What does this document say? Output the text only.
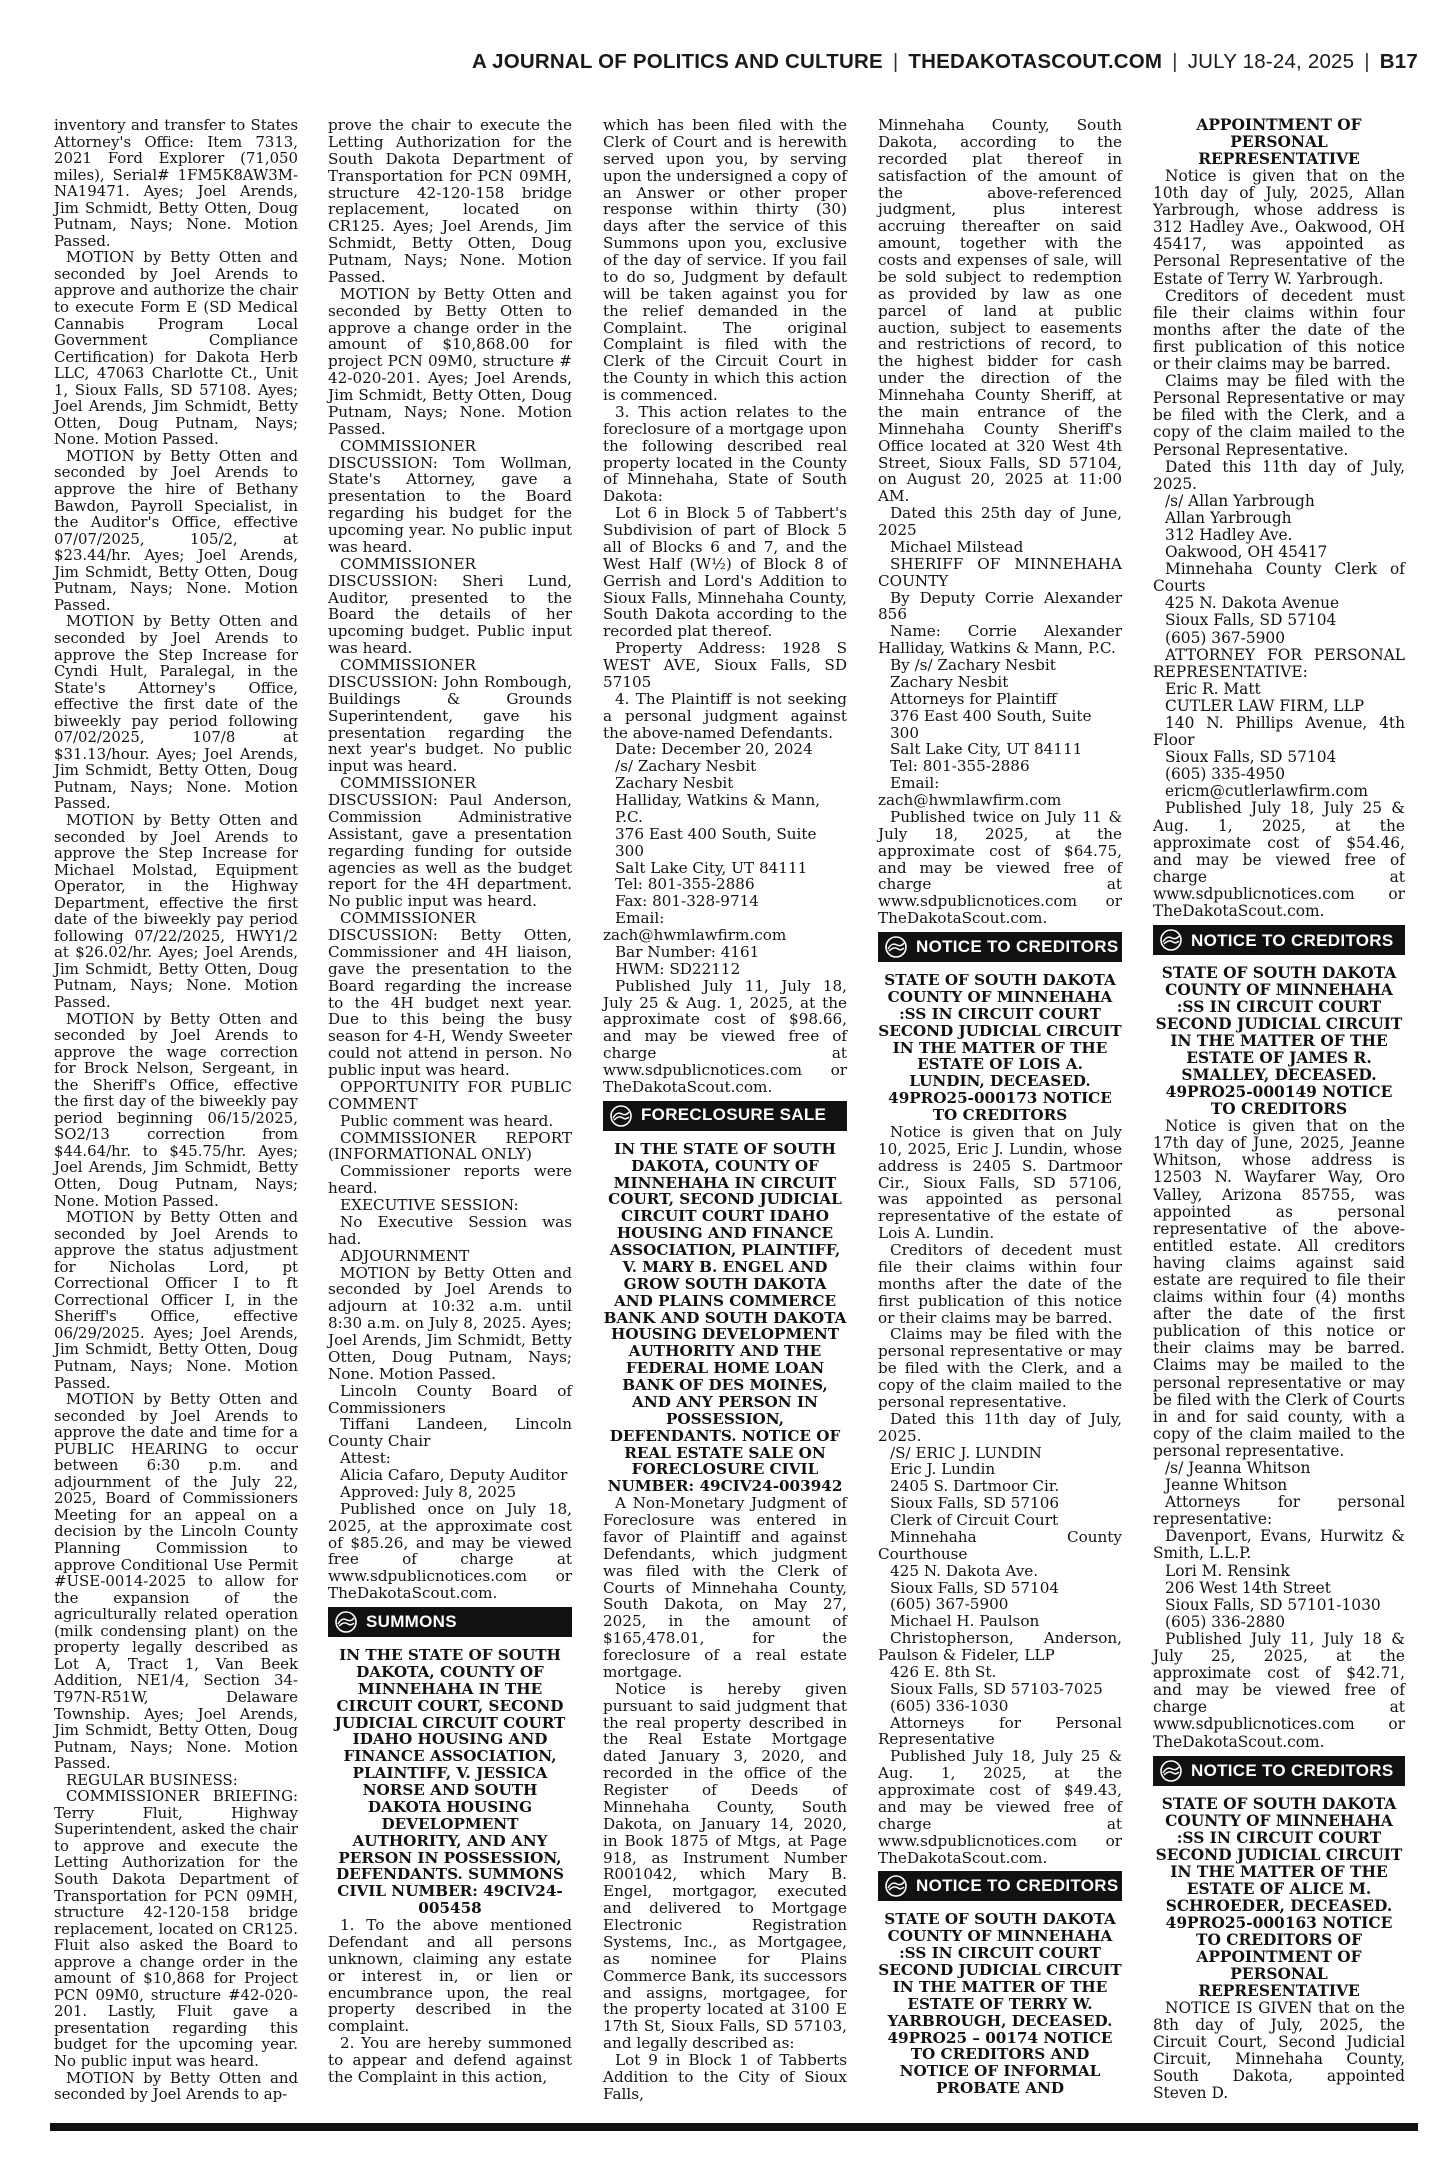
A JOURNAL OF POLITICS AND CULTURE | THEDAKOTASCOUT.COM | JULY 18-24, 2025 | B17

inventory and transfer to States Attorney's Office: Item 7313, 2021 Ford Explorer (71,050 miles), Serial# 1FM5K8AW3M-NA19471. Ayes; Joel Arends, Jim Schmidt, Betty Otten, Doug Putnam, Nays; None. Motion Passed.

MOTION by Betty Otten and seconded by Joel Arends to approve and authorize the chair to execute Form E (SD Medical Cannabis Program Local Government Compliance Certification) for Dakota Herb LLC, 47063 Charlotte Ct., Unit 1, Sioux Falls, SD 57108. Ayes; Joel Arends, Jim Schmidt, Betty Otten, Doug Putnam, Nays; None. Motion Passed.

MOTION by Betty Otten and seconded by Joel Arends to approve the hire of Bethany Bawdon, Payroll Specialist, in the Auditor's Office, effective 07/07/2025, 105/2, at $23.44/hr. Ayes; Joel Arends, Jim Schmidt, Betty Otten, Doug Putnam, Nays; None. Motion Passed.

MOTION by Betty Otten and seconded by Joel Arends to approve the Step Increase for Cyndi Hult, Paralegal, in the State's Attorney's Office, effective the first date of the biweekly pay period following 07/02/2025, 107/8 at $31.13/hour. Ayes; Joel Arends, Jim Schmidt, Betty Otten, Doug Putnam, Nays; None. Motion Passed.

MOTION by Betty Otten and seconded by Joel Arends to approve the Step Increase for Michael Molstad, Equipment Operator, in the Highway Department, effective the first date of the biweekly pay period following 07/22/2025, HWY1/2 at $26.02/hr. Ayes; Joel Arends, Jim Schmidt, Betty Otten, Doug Putnam, Nays; None. Motion Passed.

MOTION by Betty Otten and seconded by Joel Arends to approve the wage correction for Brock Nelson, Sergeant, in the Sheriff's Office, effective the first day of the biweekly pay period beginning 06/15/2025, SO2/13 correction from $44.64/hr. to $45.75/hr. Ayes; Joel Arends, Jim Schmidt, Betty Otten, Doug Putnam, Nays; None. Motion Passed.

MOTION by Betty Otten and seconded by Joel Arends to approve the status adjustment for Nicholas Lord, pt Correctional Officer I to ft Correctional Officer I, in the Sheriff's Office, effective 06/29/2025. Ayes; Joel Arends, Jim Schmidt, Betty Otten, Doug Putnam, Nays; None. Motion Passed.

MOTION by Betty Otten and seconded by Joel Arends to approve the date and time for a PUBLIC HEARING to occur between 6:30 p.m. and adjournment of the July 22, 2025, Board of Commissioners Meeting for an appeal on a decision by the Lincoln County Planning Commission to approve Conditional Use Permit #USE-0014-2025 to allow for the expansion of the agriculturally related operation (milk condensing plant) on the property legally described as Lot A, Tract 1, Van Beek Addition, NE1/4, Section 34-T97N-R51W, Delaware Township. Ayes; Joel Arends, Jim Schmidt, Betty Otten, Doug Putnam, Nays; None. Motion Passed.

REGULAR BUSINESS:

COMMISSIONER BRIEFING: Terry Fluit, Highway Superintendent, asked the chair to approve and execute the Letting Authorization for the South Dakota Department of Transportation for PCN 09MH, structure 42-120-158 bridge replacement, located on CR125. Fluit also asked the Board to approve a change order in the amount of $10,868 for Project PCN 09M0, structure #42-020-201. Lastly, Fluit gave a presentation regarding this budget for the upcoming year. No public input was heard.

MOTION by Betty Otten and seconded by Joel Arends to ap-

prove the chair to execute the Letting Authorization for the South Dakota Department of Transportation for PCN 09MH, structure 42-120-158 bridge replacement, located on CR125. Ayes; Joel Arends, Jim Schmidt, Betty Otten, Doug Putnam, Nays; None. Motion Passed.

MOTION by Betty Otten and seconded by Betty Otten to approve a change order in the amount of $10,868.00 for project PCN 09M0, structure # 42-020-201. Ayes; Joel Arends, Jim Schmidt, Betty Otten, Doug Putnam, Nays; None. Motion Passed.

COMMISSIONER DISCUSSION: Tom Wollman, State's Attorney, gave a presentation to the Board regarding his budget for the upcoming year. No public input was heard.

COMMISSIONER DISCUSSION: Sheri Lund, Auditor, presented to the Board the details of her upcoming budget. Public input was heard.

COMMISSIONER DISCUSSION: John Rombough, Buildings & Grounds Superintendent, gave his presentation regarding the next year's budget. No public input was heard.

COMMISSIONER DISCUSSION: Paul Anderson, Commission Administrative Assistant, gave a presentation regarding funding for outside agencies as well as the budget report for the 4H department. No public input was heard.

COMMISSIONER DISCUSSION: Betty Otten, Commissioner and 4H liaison, gave the presentation to the Board regarding the increase to the 4H budget next year. Due to this being the busy season for 4-H, Wendy Sweeter could not attend in person. No public input was heard.

OPPORTUNITY FOR PUBLIC COMMENT

Public comment was heard.

COMMISSIONER REPORT (INFORMATIONAL ONLY)

Commissioner reports were heard.

EXECUTIVE SESSION:

No Executive Session was had.

ADJOURNMENT

MOTION by Betty Otten and seconded by Joel Arends to adjourn at 10:32 a.m. until 8:30 a.m. on July 8, 2025. Ayes; Joel Arends, Jim Schmidt, Betty Otten, Doug Putnam, Nays; None. Motion Passed.

Lincoln County Board of Commissioners

Tiffani Landeen, Lincoln County Chair

Attest:

Alicia Cafaro, Deputy Auditor

Approved: July 8, 2025

Published once on July 18, 2025, at the approximate cost of $85.26, and may be viewed free of charge at www.sdpublicnotices.com or TheDakotaScout.com.

SUMMONS

IN THE STATE OF SOUTH DAKOTA, COUNTY OF MINNEHAHA IN THE CIRCUIT COURT, SECOND JUDICIAL CIRCUIT COURT IDAHO HOUSING AND FINANCE ASSOCIATION, PLAINTIFF, V. JESSICA NORSE AND SOUTH DAKOTA HOUSING DEVELOPMENT AUTHORITY, AND ANY PERSON IN POSSESSION, DEFENDANTS. SUMMONS CIVIL NUMBER: 49CIV24-005458

1. To the above mentioned Defendant and all persons unknown, claiming any estate or interest in, or lien or encumbrance upon, the real property described in the complaint.

2. You are hereby summoned to appear and defend against the Complaint in this action,

which has been filed with the Clerk of Court and is herewith served upon you, by serving upon the undersigned a copy of an Answer or other proper response within thirty (30) days after the service of this Summons upon you, exclusive of the day of service. If you fail to do so, Judgment by default will be taken against you for the relief demanded in the Complaint. The original Complaint is filed with the Clerk of the Circuit Court in the County in which this action is commenced.

3. This action relates to the foreclosure of a mortgage upon the following described real property located in the County of Minnehaha, State of South Dakota:

Lot 6 in Block 5 of Tabbert's Subdivision of part of Block 5 all of Blocks 6 and 7, and the West Half (W½) of Block 8 of Gerrish and Lord's Addition to Sioux Falls, Minnehaha County, South Dakota according to the recorded plat thereof.

Property Address: 1928 S WEST AVE, Sioux Falls, SD 57105

4. The Plaintiff is not seeking a personal judgment against the above-named Defendants.

Date: December 20, 2024

/s/ Zachary Nesbit

Zachary Nesbit

Halliday, Watkins & Mann, P.C.

376 East 400 South, Suite 300

Salt Lake City, UT 84111

Tel: 801-355-2886

Fax: 801-328-9714

Email: zach@hwmlawfirm.com

Bar Number: 4161

HWM: SD22112

Published July 11, July 18, July 25 & Aug. 1, 2025, at the approximate cost of $98.66, and may be viewed free of charge at www.sdpublicnotices.com or TheDakotaScout.com.

FORECLOSURE SALE

IN THE STATE OF SOUTH DAKOTA, COUNTY OF MINNEHAHA IN CIRCUIT COURT, SECOND JUDICIAL CIRCUIT COURT IDAHO HOUSING AND FINANCE ASSOCIATION, PLAINTIFF, V. MARY B. ENGEL AND GROW SOUTH DAKOTA AND PLAINS COMMERCE BANK AND SOUTH DAKOTA HOUSING DEVELOPMENT AUTHORITY AND THE FEDERAL HOME LOAN BANK OF DES MOINES, AND ANY PERSON IN POSSESSION, DEFENDANTS. NOTICE OF REAL ESTATE SALE ON FORECLOSURE CIVIL NUMBER: 49CIV24-003942

A Non-Monetary Judgment of Foreclosure was entered in favor of Plaintiff and against Defendants, which judgment was filed with the Clerk of Courts of Minnehaha County, South Dakota, on May 27, 2025, in the amount of $165,478.01, for the foreclosure of a real estate mortgage.

Notice is hereby given pursuant to said judgment that the real property described in the Real Estate Mortgage dated January 3, 2020, and recorded in the office of the Register of Deeds of Minnehaha County, South Dakota, on January 14, 2020, in Book 1875 of Mtgs, at Page 918, as Instrument Number R001042, which Mary B. Engel, mortgagor, executed and delivered to Mortgage Electronic Registration Systems, Inc., as Mortgagee, as nominee for Plains Commerce Bank, its successors and assigns, mortgagee, for the property located at 3100 E 17th St, Sioux Falls, SD 57103, and legally described as:

Lot 9 in Block 1 of Tabberts Addition to the City of Sioux Falls,

Minnehaha County, South Dakota, according to the recorded plat thereof in satisfaction of the amount of the above-referenced judgment, plus interest accruing thereafter on said amount, together with the costs and expenses of sale, will be sold subject to redemption as provided by law as one parcel of land at public auction, subject to easements and restrictions of record, to the highest bidder for cash under the direction of the Minnehaha County Sheriff, at the main entrance of the Minnehaha County Sheriff's Office located at 320 West 4th Street, Sioux Falls, SD 57104, on August 20, 2025 at 11:00 AM.

Dated this 25th day of June, 2025

Michael Milstead

SHERIFF OF MINNEHAHA COUNTY

By Deputy Corrie Alexander 856

Name: Corrie Alexander Halliday, Watkins & Mann, P.C.

By /s/ Zachary Nesbit

Zachary Nesbit

Attorneys for Plaintiff

376 East 400 South, Suite 300

Salt Lake City, UT 84111

Tel: 801-355-2886

Email: zach@hwmlawfirm.com

Published twice on July 11 & July 18, 2025, at the approximate cost of $64.75, and may be viewed free of charge at www.sdpublicnotices.com or TheDakotaScout.com.

NOTICE TO CREDITORS

STATE OF SOUTH DAKOTA COUNTY OF MINNEHAHA :SS IN CIRCUIT COURT SECOND JUDICIAL CIRCUIT IN THE MATTER OF THE ESTATE OF LOIS A. LUNDIN, DECEASED. 49PRO25-000173 NOTICE TO CREDITORS

Notice is given that on July 10, 2025, Eric J. Lundin, whose address is 2405 S. Dartmoor Cir., Sioux Falls, SD 57106, was appointed as personal representative of the estate of Lois A. Lundin.

Creditors of decedent must file their claims within four months after the date of the first publication of this notice or their claims may be barred.

Claims may be filed with the personal representative or may be filed with the Clerk, and a copy of the claim mailed to the personal representative.

Dated this 11th day of July, 2025.

/S/ ERIC J. LUNDIN

Eric J. Lundin

2405 S. Dartmoor Cir.

Sioux Falls, SD 57106

Clerk of Circuit Court

Minnehaha County Courthouse

425 N. Dakota Ave.

Sioux Falls, SD 57104

(605) 367-5900

Michael H. Paulson

Christopherson, Anderson, Paulson & Fideler, LLP

426 E. 8th St.

Sioux Falls, SD 57103-7025

(605) 336-1030

Attorneys for Personal Representative

Published July 18, July 25 & Aug. 1, 2025, at the approximate cost of $49.43, and may be viewed free of charge at www.sdpublicnotices.com or TheDakotaScout.com.

NOTICE TO CREDITORS

STATE OF SOUTH DAKOTA COUNTY OF MINNEHAHA :SS IN CIRCUIT COURT SECOND JUDICIAL CIRCUIT IN THE MATTER OF THE ESTATE OF TERRY W. YARBROUGH, DECEASED. 49PRO25 – 00174 NOTICE TO CREDITORS AND NOTICE OF INFORMAL PROBATE AND

APPOINTMENT OF PERSONAL REPRESENTATIVE

Notice is given that on the 10th day of July, 2025, Allan Yarbrough, whose address is 312 Hadley Ave., Oakwood, OH 45417, was appointed as Personal Representative of the Estate of Terry W. Yarbrough.

Creditors of decedent must file their claims within four months after the date of the first publication of this notice or their claims may be barred.

Claims may be filed with the Personal Representative or may be filed with the Clerk, and a copy of the claim mailed to the Personal Representative.

Dated this 11th day of July, 2025.

/s/ Allan Yarbrough

Allan Yarbrough

312 Hadley Ave.

Oakwood, OH 45417

Minnehaha County Clerk of Courts

425 N. Dakota Avenue

Sioux Falls, SD 57104

(605) 367-5900

ATTORNEY FOR PERSONAL REPRESENTATIVE:

Eric R. Matt

CUTLER LAW FIRM, LLP

140 N. Phillips Avenue, 4th Floor

Sioux Falls, SD 57104

(605) 335-4950

ericm@cutlerlawfirm.com

Published July 18, July 25 & Aug. 1, 2025, at the approximate cost of $54.46, and may be viewed free of charge at www.sdpublicnotices.com or TheDakotaScout.com.

NOTICE TO CREDITORS

STATE OF SOUTH DAKOTA COUNTY OF MINNEHAHA :SS IN CIRCUIT COURT SECOND JUDICIAL CIRCUIT IN THE MATTER OF THE ESTATE OF JAMES R. SMALLEY, DECEASED. 49PRO25-000149 NOTICE TO CREDITORS

Notice is given that on the 17th day of June, 2025, Jeanne Whitson, whose address is 12503 N. Wayfarer Way, Oro Valley, Arizona 85755, was appointed as personal representative of the above-entitled estate. All creditors having claims against said estate are required to file their claims within four (4) months after the date of the first publication of this notice or their claims may be barred. Claims may be mailed to the personal representative or may be filed with the Clerk of Courts in and for said county, with a copy of the claim mailed to the personal representative.

/s/ Jeanna Whitson

Jeanne Whitson

Attorneys for personal representative:

Davenport, Evans, Hurwitz & Smith, L.L.P.

Lori M. Rensink

206 West 14th Street

Sioux Falls, SD 57101-1030

(605) 336-2880

Published July 11, July 18 & July 25, 2025, at the approximate cost of $42.71, and may be viewed free of charge at www.sdpublicnotices.com or TheDakotaScout.com.

NOTICE TO CREDITORS

STATE OF SOUTH DAKOTA COUNTY OF MINNEHAHA :SS IN CIRCUIT COURT SECOND JUDICIAL CIRCUIT IN THE MATTER OF THE ESTATE OF ALICE M. SCHROEDER, DECEASED. 49PRO25-000163 NOTICE TO CREDITORS OF APPOINTMENT OF PERSONAL REPRESENTATIVE

NOTICE IS GIVEN that on the 8th day of July, 2025, the Circuit Court, Second Judicial Circuit, Minnehaha County, South Dakota, appointed Steven D.
